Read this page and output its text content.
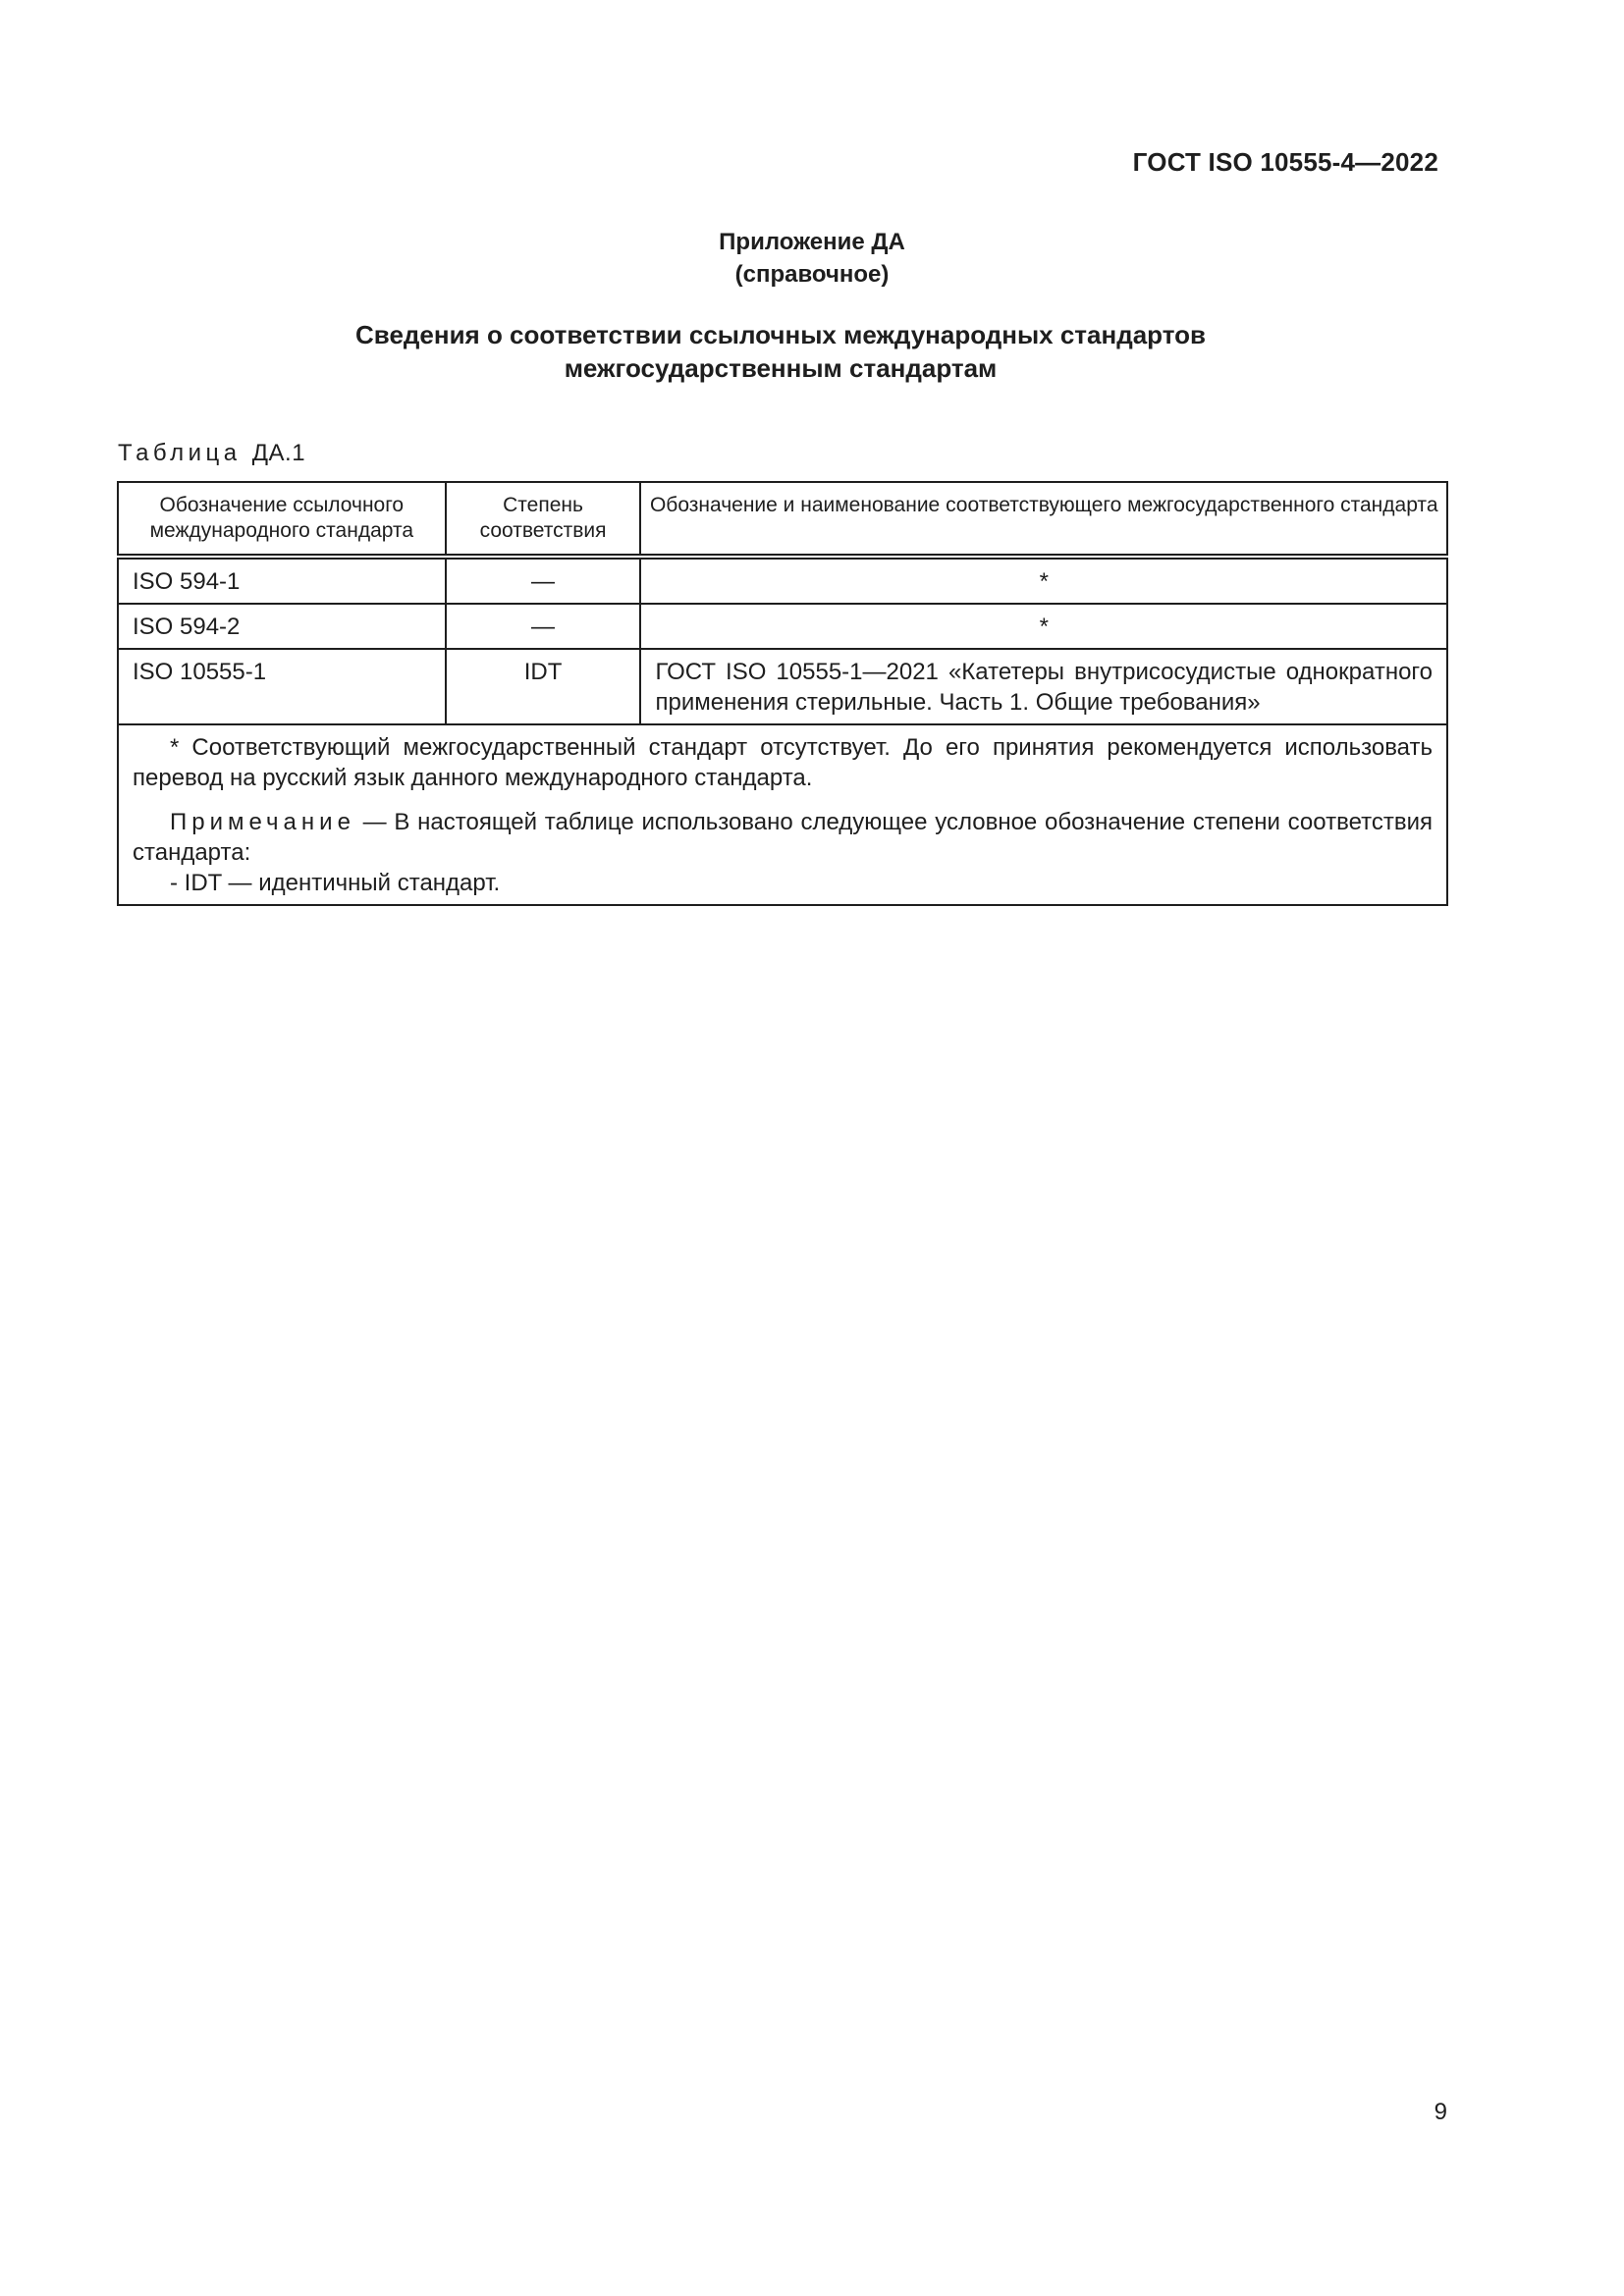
ГОСТ ISO 10555-4—2022
Приложение ДА
(справочное)
Сведения о соответствии ссылочных международных стандартов
межгосударственным стандартам
Таблица ДА.1
Обозначение ссылочного международного стандарта	Степень соответствия	Обозначение и наименование соответствующего межгосударственного стандарта
ISO 594-1	—	*
ISO 594-2	—	*
ISO 10555-1	IDT	ГОСТ ISO 10555-1—2021 «Катетеры внутрисосудистые однократного применения стерильные. Часть 1. Общие требования»

* Соответствующий межгосударственный стандарт отсутствует. До его принятия рекомендуется использовать перевод на русский язык данного международного стандарта.

Примечание — В настоящей таблице использовано следующее условное обозначение степени соответствия стандарта:

- IDT — идентичный стандарт.		

9
